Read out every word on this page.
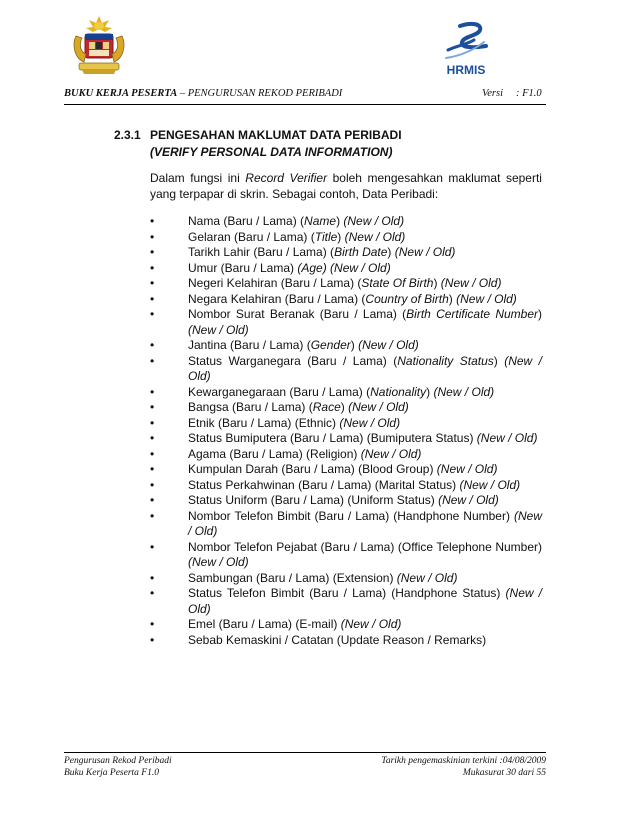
HRMIS
BUKU KERJA PESERTA – PENGURUSAN REKOD PERIBADI	Versi : F1.0
2.3.1 PENGESAHAN MAKLUMAT DATA PERIBADI
(VERIFY PERSONAL DATA INFORMATION)
Dalam fungsi ini Record Verifier boleh mengesahkan maklumat seperti yang terpapar di skrin. Sebagai contoh, Data Peribadi:
• Nama (Baru / Lama) (Name) (New / Old)
• Gelaran (Baru / Lama) (Title) (New / Old)
• Tarikh Lahir (Baru / Lama) (Birth Date) (New / Old)
• Umur (Baru / Lama) (Age) (New / Old)
• Negeri Kelahiran (Baru / Lama) (State Of Birth) (New / Old)
• Negara Kelahiran (Baru / Lama) (Country of Birth) (New / Old)
• Nombor Surat Beranak (Baru / Lama) (Birth Certificate Number) (New / Old)
• Jantina (Baru / Lama) (Gender) (New / Old)
• Status Warganegara (Baru / Lama) (Nationality Status) (New / Old)
• Kewarganegaraan (Baru / Lama) (Nationality) (New / Old)
• Bangsa (Baru / Lama) (Race) (New / Old)
• Etnik (Baru / Lama) (Ethnic) (New / Old)
• Status Bumiputera (Baru / Lama) (Bumiputera Status) (New / Old)
• Agama (Baru / Lama) (Religion) (New / Old)
• Kumpulan Darah (Baru / Lama) (Blood Group) (New / Old)
• Status Perkahwinan (Baru / Lama) (Marital Status) (New / Old)
• Status Uniform (Baru / Lama) (Uniform Status) (New / Old)
• Nombor Telefon Bimbit (Baru / Lama) (Handphone Number) (New / Old)
• Nombor Telefon Pejabat (Baru / Lama) (Office Telephone Number) (New / Old)
• Sambungan (Baru / Lama) (Extension) (New / Old)
• Status Telefon Bimbit (Baru / Lama) (Handphone Status) (New / Old)
• Emel (Baru / Lama) (E-mail) (New / Old)
• Sebab Kemaskini / Catatan (Update Reason / Remarks)
Pengurusan Rekod Peribadi
Buku Kerja Peserta F1.0
Tarikh pengemaskinian terkini :04/08/2009
Mukasurat 30 dari 55
